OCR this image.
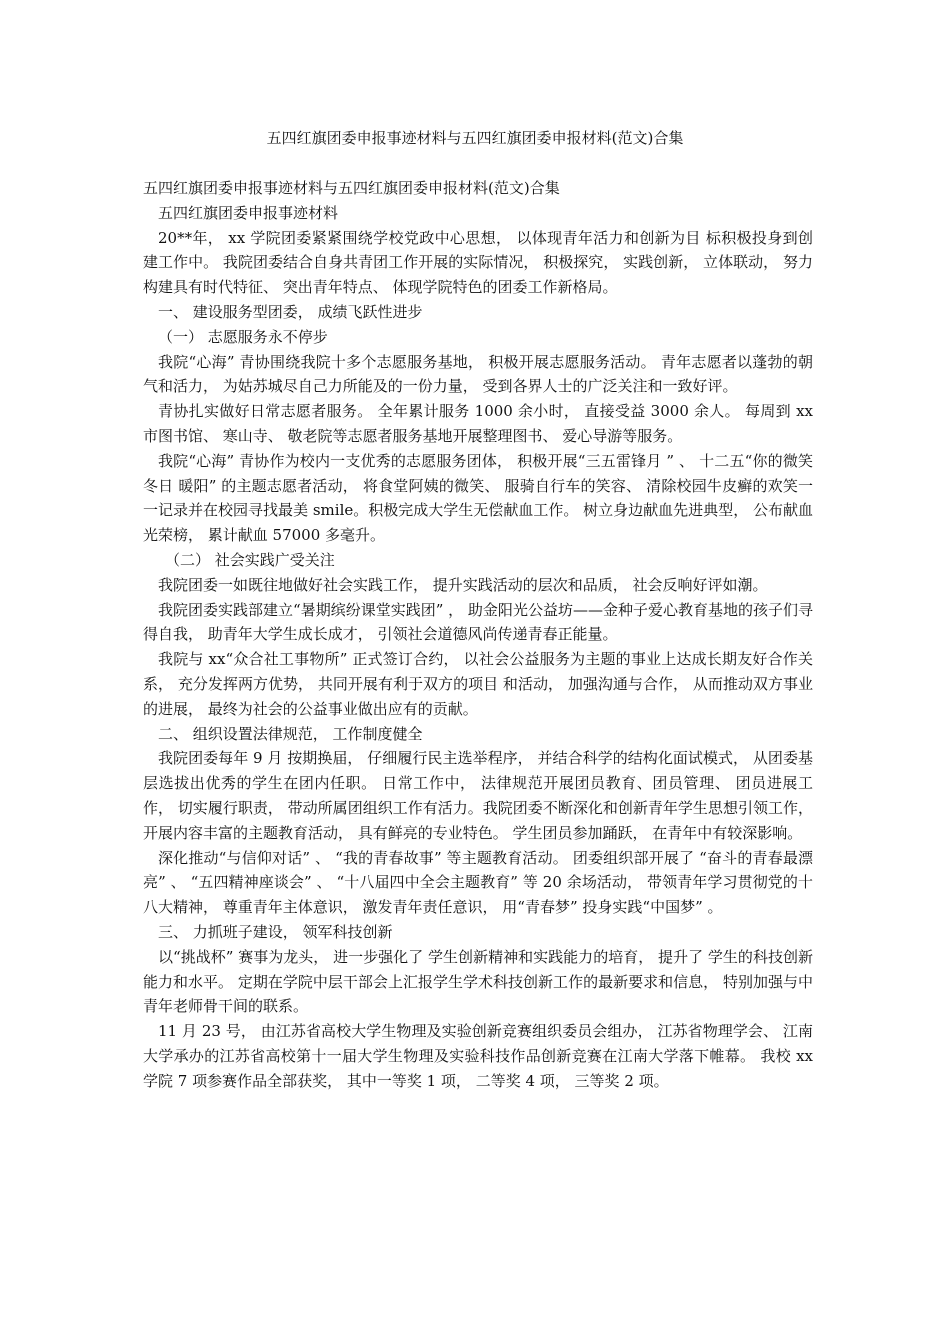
五四红旗团委申报事迹材料与五四红旗团委申报材料(范文)合集

五四红旗团委申报事迹材料与五四红旗团委申报材料(范文)合集

五四红旗团委申报事迹材料

20**年， xx 学院团委紧紧围绕学校党政中心思想， 以体现青年活力和创新为目 标积极投身到创建工作中。 我院团委结合自身共青团工作开展的实际情况， 积极探究， 实践创新， 立体联动， 努力构建具有时代特征、 突出青年特点、 体现学院特色的团委工作新格局。

一、 建设服务型团委， 成绩飞跃性进步

（一） 志愿服务永不停步

我院“心海” 青协围绕我院十多个志愿服务基地， 积极开展志愿服务活动。 青年志愿者以蓬勃的朝气和活力， 为姑苏城尽自己力所能及的一份力量， 受到各界人士的广泛关注和一致好评。

青协扎实做好日常志愿者服务。 全年累计服务 1000 余小时， 直接受益 3000 余人。 每周到 xx 市图书馆、 寒山寺、 敬老院等志愿者服务基地开展整理图书、 爱心导游等服务。

我院“心海” 青协作为校内一支优秀的志愿服务团体， 积极开展“三五雷锋月 ” 、 十二五“你的微笑冬日 暖阳” 的主题志愿者活动， 将食堂阿姨的微笑、 服骑自行车的笑容、 清除校园牛皮癣的欢笑一一记录并在校园寻找最美 smile。积极完成大学生无偿献血工作。 树立身边献血先进典型， 公布献血光荣榜， 累计献血 57000 多毫升。

（二） 社会实践广受关注

我院团委一如既往地做好社会实践工作， 提升实践活动的层次和品质， 社会反响好评如潮。

我院团委实践部建立“暑期缤纷课堂实践团” ， 助金阳光公益坊——金种子爱心教育基地的孩子们寻得自我， 助青年大学生成长成才， 引领社会道德风尚传递青春正能量。

我院与 xx“众合社工事物所” 正式签订合约， 以社会公益服务为主题的事业上达成长期友好合作关系， 充分发挥两方优势， 共同开展有利于双方的项目 和活动， 加强沟通与合作， 从而推动双方事业的进展， 最终为社会的公益事业做出应有的贡献。

二、 组织设置法律规范， 工作制度健全

我院团委每年 9 月 按期换届， 仔细履行民主选举程序， 并结合科学的结构化面试模式， 从团委基层选拔出优秀的学生在团内任职。 日常工作中， 法律规范开展团员教育、团员管理、 团员进展工作， 切实履行职责， 带动所属团组织工作有活力。我院团委不断深化和创新青年学生思想引领工作， 开展内容丰富的主题教育活动， 具有鲜亮的专业特色。 学生团员参加踊跃， 在青年中有较深影响。

深化推动“与信仰对话” 、 “我的青春故事” 等主题教育活动。 团委组织部开展了 “奋斗的青春最漂亮” 、 “五四精神座谈会” 、 “十八届四中全会主题教育” 等 20 余场活动， 带领青年学习贯彻党的十八大精神， 尊重青年主体意识， 激发青年责任意识， 用“青春梦” 投身实践“中国梦” 。

三、 力抓班子建设， 领军科技创新

以“挑战杯” 赛事为龙头， 进一步强化了 学生创新精神和实践能力的培育， 提升了 学生的科技创新能力和水平。 定期在学院中层干部会上汇报学生学术科技创新工作的最新要求和信息， 特别加强与中青年老师骨干间的联系。

11 月 23 号， 由江苏省高校大学生物理及实验创新竞赛组织委员会组办， 江苏省物理学会、 江南大学承办的江苏省高校第十一届大学生物理及实验科技作品创新竞赛在江南大学落下帷幕。 我校 xx 学院 7 项参赛作品全部获奖， 其中一等奖 1 项， 二等奖 4 项， 三等奖 2 项。
